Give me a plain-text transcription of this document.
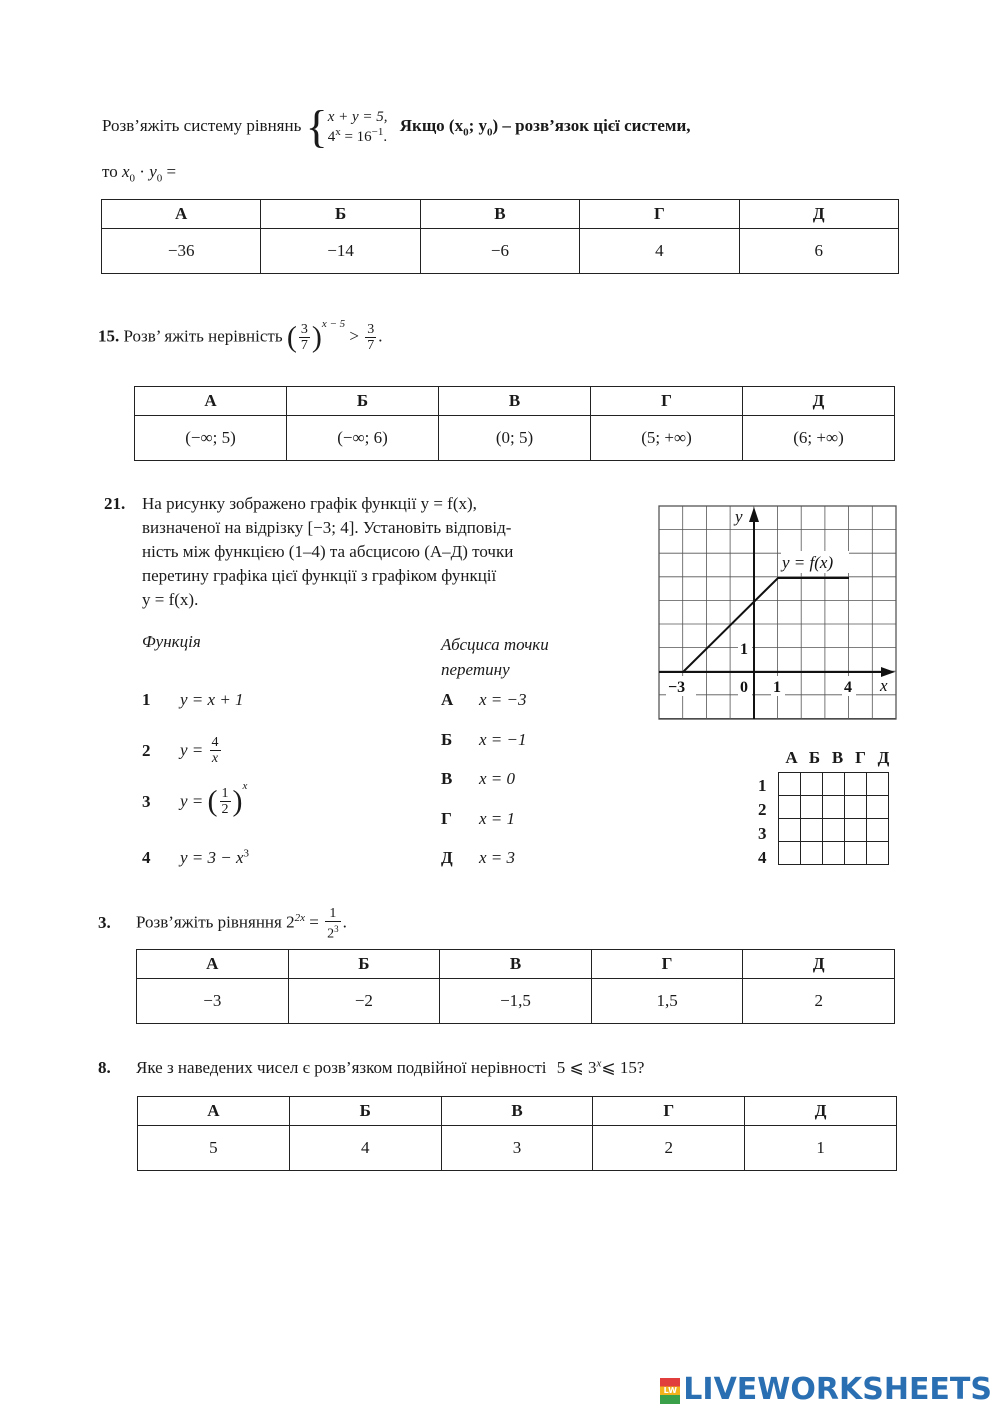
Розв’яжіть систему рівнянь { x + y = 5,
$4^x = 16^{-1}$.
Якщо ($x_0$; $y_0$) – розв’язок цієї системи,
то $x_0 \cdot y_0$ =
А	Б	В	Г	Д
−36	−14	−6	4	6
15. Розв’ яжіть нерівність ( $\frac{3}{7} )^{x - 5} > \frac{3}{7}$ .
А	Б	В	Г	Д
(−∞; 5)	(−∞; 6)	(0; 5)	(5; +∞)	(6; +∞)
21. На рисунку зображено графік функції y = f(x),
визначеної на відрізку [−3; 4]. Установіть відповід-
ність між функцією (1–4) та абсцисою (А–Д) точки
перетину графіка цієї функції з графіком функції
y = f(x).
Функція	Абсциса точки
перетину
1 y = x + 1
2 $y = \frac{4}{x}$
3 y = ( $\frac{1}{2} )^x$
4 $y = 3 - x^3$
А x = −3
Б x = −1
В x = 0
Г x = 1
Д x = 3
y
x
y = f(x)
−3	0 1	4
1
А Б В Г Д
1
2
3
4

3. Розв’яжіть рівняння $2^{2x} = \frac{1}{2^3}$ .
А	Б	В	Г	Д
−3	−2	−1,5	1,5	2
8. Яке з наведених чисел є розв’язком подвійної нерівності 5 ⩽ 3$^x$⩽ 15?
А	Б	В	Г	Д
5	4	3	2	1
LW LIVEWORKSHEETS
